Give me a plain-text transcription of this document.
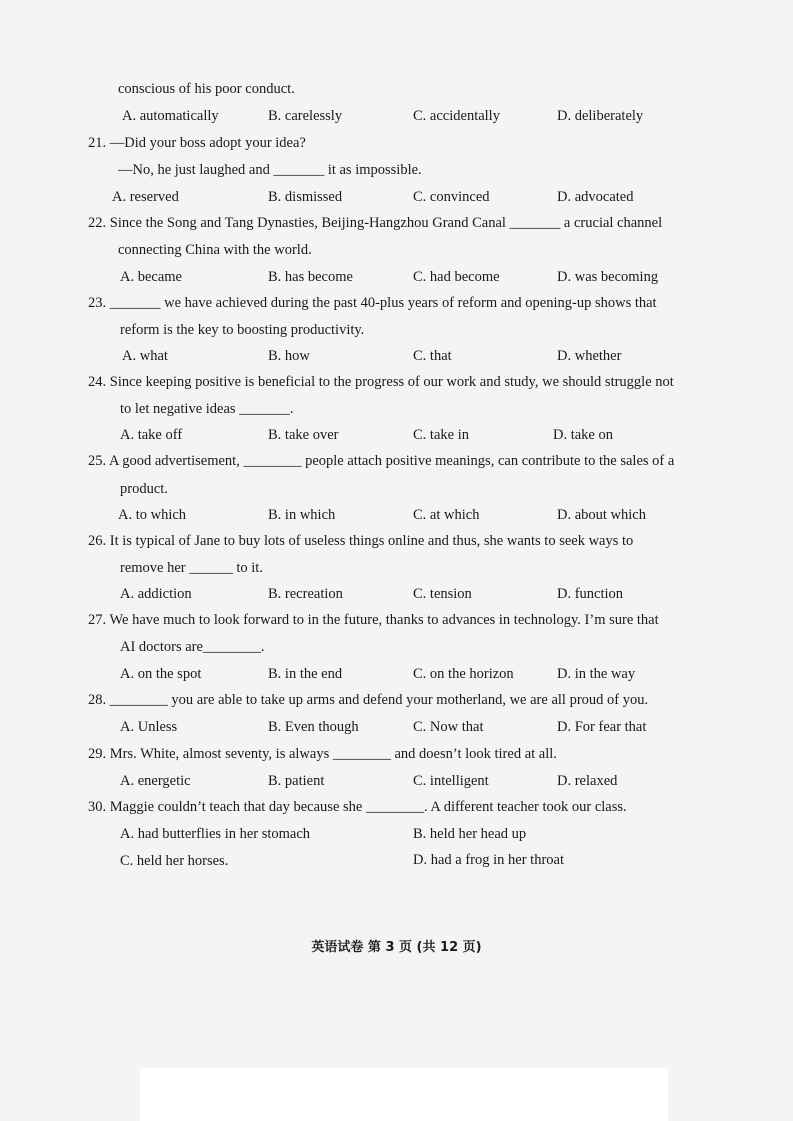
conscious of his poor conduct.
A. automatically	B. carelessly	C. accidentally	D. deliberately
21. —Did your boss adopt your idea?
—No, he just laughed and _______ it as impossible.
A. reserved	B. dismissed	C. convinced	D. advocated
22. Since the Song and Tang Dynasties, Beijing-Hangzhou Grand Canal _______ a crucial channel
connecting China with the world.
A. became	B. has become	C. had become	D. was becoming
23. _______ we have achieved during the past 40-plus years of reform and opening-up shows that
reform is the key to boosting productivity.
A. what	B. how	C. that	D. whether
24. Since keeping positive is beneficial to the progress of our work and study, we should struggle not
to let negative ideas _______.
A. take off	B. take over	C. take in	D. take on
25. A good advertisement, ________ people attach positive meanings, can contribute to the sales of a
product.
A. to which	B. in which	C. at which	D. about which
26. It is typical of Jane to buy lots of useless things online and thus, she wants to seek ways to
remove her ______ to it.
A. addiction	B. recreation	C. tension	D. function
27. We have much to look forward to in the future, thanks to advances in technology. I’m sure that
AI doctors are________.
A. on the spot	B. in the end	C. on the horizon	D. in the way
28. ________ you are able to take up arms and defend your motherland, we are all proud of you.
A. Unless	B. Even though	C. Now that	D. For fear that
29. Mrs. White, almost seventy, is always ________ and doesn’t look tired at all.
A. energetic	B. patient	C. intelligent	D. relaxed
30. Maggie couldn’t teach that day because she ________. A different teacher took our class.
A. had butterflies in her stomach	B. held her head up
C. held her horses.	D. had a frog in her throat
英语试卷 第 3 页 (共 12 页)
